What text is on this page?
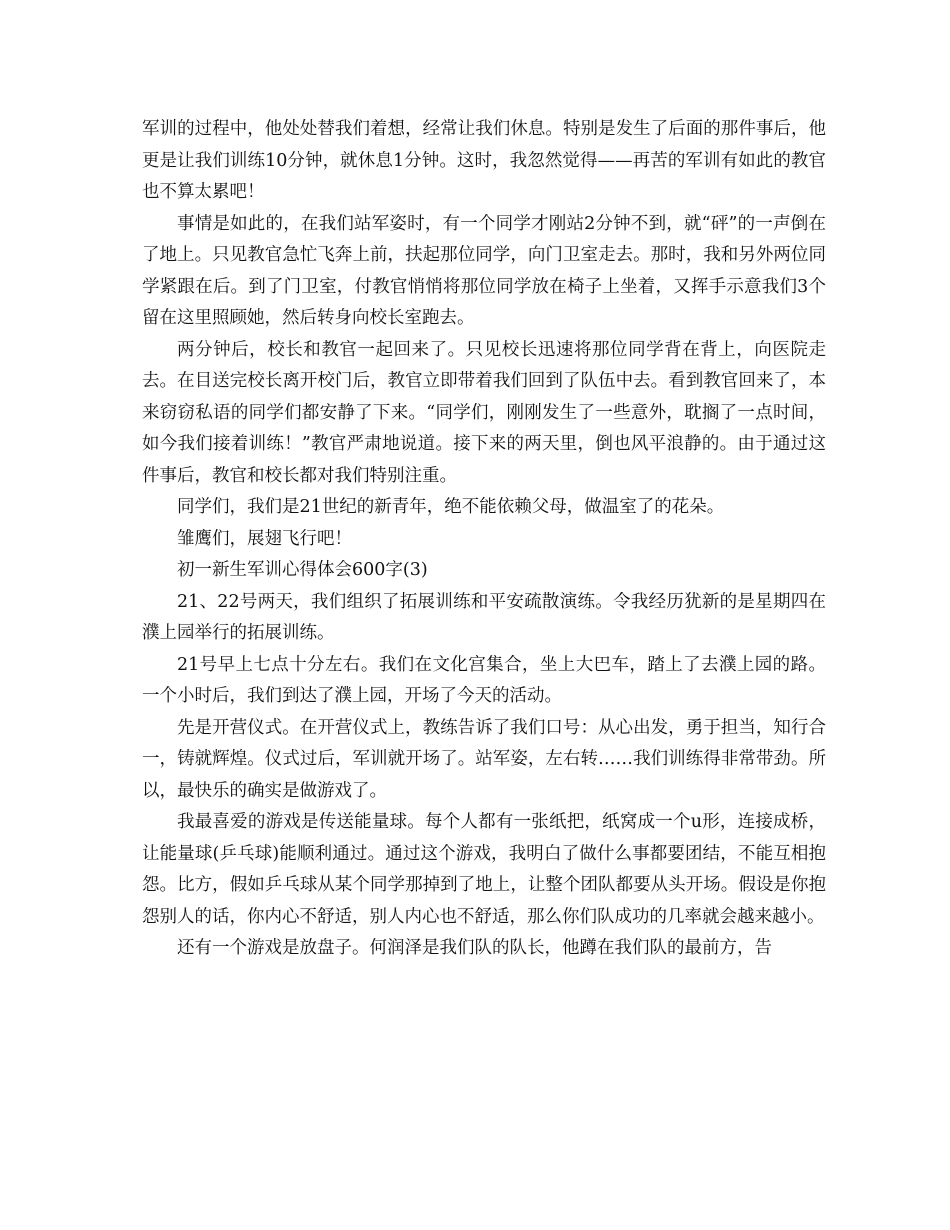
军训的过程中，他处处替我们着想，经常让我们休息。特别是发生了后面的那件事后，他更是让我们训练10分钟，就休息1分钟。这时，我忽然觉得——再苦的军训有如此的教官也不算太累吧！

事情是如此的，在我们站军姿时，有一个同学才刚站2分钟不到，就“砰”的一声倒在了地上。只见教官急忙飞奔上前，扶起那位同学，向门卫室走去。那时，我和另外两位同学紧跟在后。到了门卫室，付教官悄悄将那位同学放在椅子上坐着，又挥手示意我们3个留在这里照顾她，然后转身向校长室跑去。

两分钟后，校长和教官一起回来了。只见校长迅速将那位同学背在背上，向医院走去。在目送完校长离开校门后，教官立即带着我们回到了队伍中去。看到教官回来了，本来窃窃私语的同学们都安静了下来。“同学们，刚刚发生了一些意外，耽搁了一点时间，如今我们接着训练！”教官严肃地说道。接下来的两天里，倒也风平浪静的。由于通过这件事后，教官和校长都对我们特别注重。

同学们，我们是21世纪的新青年，绝不能依赖父母，做温室了的花朵。

雏鹰们，展翅飞行吧！

初一新生军训心得体会600字(3)

21、22号两天，我们组织了拓展训练和平安疏散演练。令我经历犹新的是星期四在濮上园举行的拓展训练。

21号早上七点十分左右。我们在文化宫集合，坐上大巴车，踏上了去濮上园的路。一个小时后，我们到达了濮上园，开场了今天的活动。

先是开营仪式。在开营仪式上，教练告诉了我们口号：从心出发，勇于担当，知行合一，铸就辉煌。仪式过后，军训就开场了。站军姿，左右转……我们训练得非常带劲。所以，最快乐的确实是做游戏了。

我最喜爱的游戏是传送能量球。每个人都有一张纸把，纸窝成一个u形，连接成桥，让能量球(乒乓球)能顺利通过。通过这个游戏，我明白了做什么事都要团结，不能互相抱怨。比方，假如乒乓球从某个同学那掉到了地上，让整个团队都要从头开场。假设是你抱怨别人的话，你内心不舒适，别人内心也不舒适，那么你们队成功的几率就会越来越小。

还有一个游戏是放盘子。何润泽是我们队的队长，他蹲在我们队的最前方，告
